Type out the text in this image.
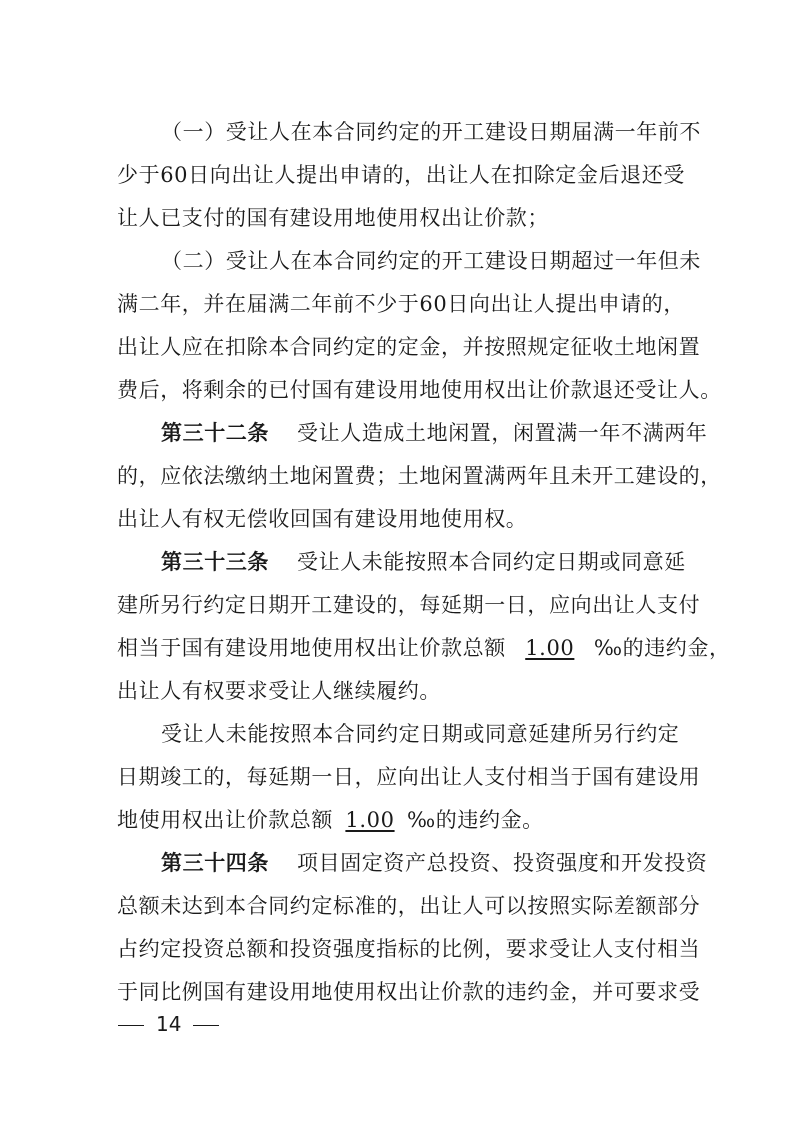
（一）受让人在本合同约定的开工建设日期届满一年前不
少于60日向出让人提出申请的，出让人在扣除定金后退还受
让人已支付的国有建设用地使用权出让价款；
（二）受让人在本合同约定的开工建设日期超过一年但未
满二年，并在届满二年前不少于60日向出让人提出申请的，
出让人应在扣除本合同约定的定金，并按照规定征收土地闲置
费后，将剩余的已付国有建设用地使用权出让价款退还受让人。
第三十二条 受让人造成土地闲置，闲置满一年不满两年
的，应依法缴纳土地闲置费；土地闲置满两年且未开工建设的，
出让人有权无偿收回国有建设用地使用权。
第三十三条 受让人未能按照本合同约定日期或同意延
建所另行约定日期开工建设的，每延期一日，应向出让人支付
相当于国有建设用地使用权出让价款总额 1.00 ‰的违约金，
出让人有权要求受让人继续履约。
受让人未能按照本合同约定日期或同意延建所另行约定
日期竣工的，每延期一日，应向出让人支付相当于国有建设用
地使用权出让价款总额 1.00 ‰的违约金。
第三十四条 项目固定资产总投资、投资强度和开发投资
总额未达到本合同约定标准的，出让人可以按照实际差额部分
占约定投资总额和投资强度指标的比例，要求受让人支付相当
于同比例国有建设用地使用权出让价款的违约金，并可要求受
14
